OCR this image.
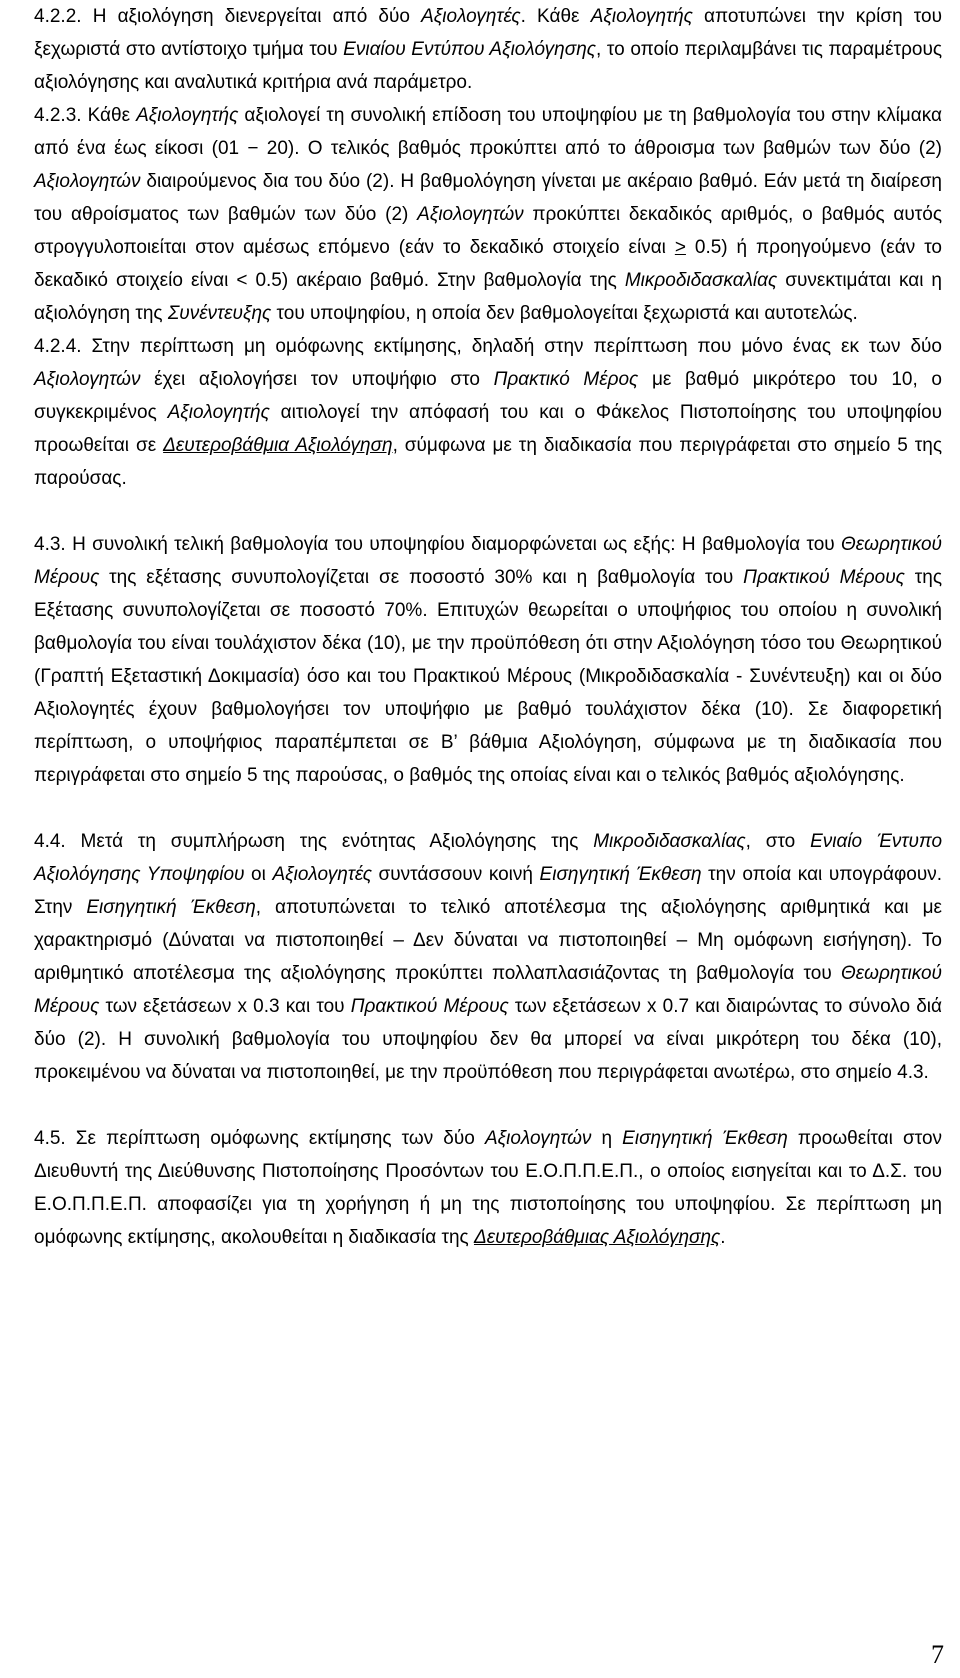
4.2.2. Η αξιολόγηση διενεργείται από δύο Αξιολογητές. Κάθε Αξιολογητής αποτυπώνει την κρίση του ξεχωριστά στο αντίστοιχο τμήμα του Ενιαίου Εντύπου Αξιολόγησης, το οποίο περιλαμβάνει τις παραμέτρους αξιολόγησης και αναλυτικά κριτήρια ανά παράμετρο.

4.2.3. Κάθε Αξιολογητής αξιολογεί τη συνολική επίδοση του υποψηφίου με τη βαθμολογία του στην κλίμακα από ένα έως είκοσι (01 − 20). Ο τελικός βαθμός προκύπτει από το άθροισμα των βαθμών των δύο (2) Αξιολογητών διαιρούμενος δια του δύο (2). Η βαθμολόγηση γίνεται με ακέραιο βαθμό. Εάν μετά τη διαίρεση του αθροίσματος των βαθμών των δύο (2) Αξιολογητών προκύπτει δεκαδικός αριθμός, ο βαθμός αυτός στρογγυλοποιείται στον αμέσως επόμενο (εάν το δεκαδικό στοιχείο είναι > 0.5) ή προηγούμενο (εάν το δεκαδικό στοιχείο είναι < 0.5) ακέραιο βαθμό. Στην βαθμολογία της Μικροδιδασκαλίας συνεκτιμάται και η αξιολόγηση της Συνέντευξης του υποψηφίου, η οποία δεν βαθμολογείται ξεχωριστά και αυτοτελώς.

4.2.4. Στην περίπτωση μη ομόφωνης εκτίμησης, δηλαδή στην περίπτωση που μόνο ένας εκ των δύο Αξιολογητών έχει αξιολογήσει τον υποψήφιο στο Πρακτικό Μέρος με βαθμό μικρότερο του 10, ο συγκεκριμένος Αξιολογητής αιτιολογεί την απόφασή του και ο Φάκελος Πιστοποίησης του υποψηφίου προωθείται σε Δευτεροβάθμια Αξιολόγηση, σύμφωνα με τη διαδικασία που περιγράφεται στο σημείο 5 της παρούσας.

4.3. Η συνολική τελική βαθμολογία του υποψηφίου διαμορφώνεται ως εξής: Η βαθμολογία του Θεωρητικού Μέρους της εξέτασης συνυπολογίζεται σε ποσοστό 30% και η βαθμολογία του Πρακτικού Μέρους της Εξέτασης συνυπολογίζεται σε ποσοστό 70%. Επιτυχών θεωρείται ο υποψήφιος του οποίου η συνολική βαθμολογία του είναι τουλάχιστον δέκα (10), με την προϋπόθεση ότι στην Αξιολόγηση τόσο του Θεωρητικού (Γραπτή Εξεταστική Δοκιμασία) όσο και του Πρακτικού Μέρους (Μικροδιδασκαλία - Συνέντευξη) και οι δύο Αξιολογητές έχουν βαθμολογήσει τον υποψήφιο με βαθμό τουλάχιστον δέκα (10). Σε διαφορετική περίπτωση, ο υποψήφιος παραπέμπεται σε Β’ βάθμια Αξιολόγηση, σύμφωνα με τη διαδικασία που περιγράφεται στο σημείο 5 της παρούσας, ο βαθμός της οποίας είναι και ο τελικός βαθμός αξιολόγησης.

4.4. Μετά τη συμπλήρωση της ενότητας Αξιολόγησης της Μικροδιδασκαλίας, στο Ενιαίο Έντυπο Αξιολόγησης Υποψηφίου οι Αξιολογητές συντάσσουν κοινή Εισηγητική Έκθεση την οποία και υπογράφουν. Στην Εισηγητική Έκθεση, αποτυπώνεται το τελικό αποτέλεσμα της αξιολόγησης αριθμητικά και με χαρακτηρισμό (Δύναται να πιστοποιηθεί – Δεν δύναται να πιστοποιηθεί – Μη ομόφωνη εισήγηση). Το αριθμητικό αποτέλεσμα της αξιολόγησης προκύπτει πολλαπλασιάζοντας τη βαθμολογία του Θεωρητικού Μέρους των εξετάσεων x 0.3 και του Πρακτικού Μέρους των εξετάσεων x 0.7 και διαιρώντας το σύνολο διά δύο (2). Η συνολική βαθμολογία του υποψηφίου δεν θα μπορεί να είναι μικρότερη του δέκα (10), προκειμένου να δύναται να πιστοποιηθεί, με την προϋπόθεση που περιγράφεται ανωτέρω, στο σημείο 4.3.

4.5. Σε περίπτωση ομόφωνης εκτίμησης των δύο Αξιολογητών η Εισηγητική Έκθεση προωθείται στον Διευθυντή της Διεύθυνσης Πιστοποίησης Προσόντων του Ε.Ο.Π.Π.Ε.Π., ο οποίος εισηγείται και το Δ.Σ. του Ε.Ο.Π.Π.Ε.Π. αποφασίζει για τη χορήγηση ή μη της πιστοποίησης του υποψηφίου. Σε περίπτωση μη ομόφωνης εκτίμησης, ακολουθείται η διαδικασία της Δευτεροβάθμιας Αξιολόγησης.

7
